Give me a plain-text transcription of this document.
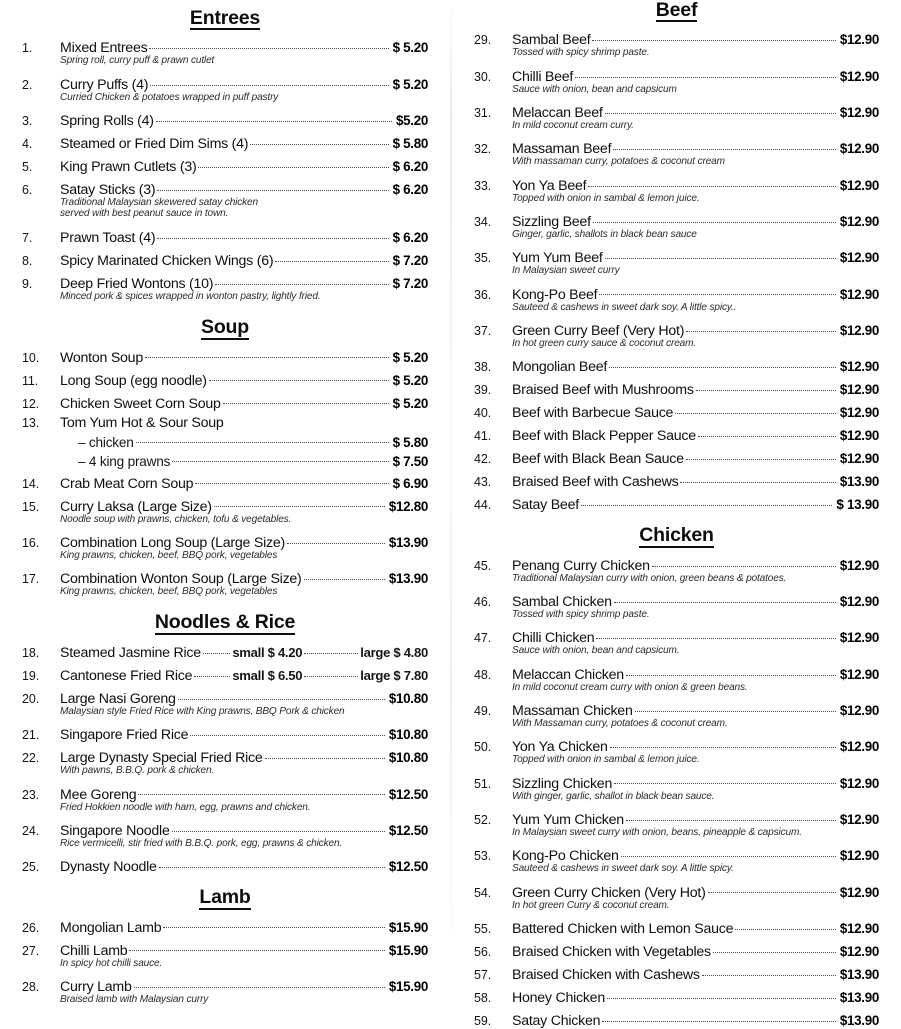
Entrees
1.	Mixed Entrees	$ 5.20
Spring roll, curry puff & prawn cutlet
2.	Curry Puffs (4)	$ 5.20
Curried Chicken & potatoes wrapped in puff pastry
3.	Spring Rolls (4)	$5.20
4.	Steamed or Fried Dim Sims (4)	$ 5.80
5.	King Prawn Cutlets (3)	$ 6.20
6.	Satay Sticks (3)	$ 6.20
Traditional Malaysian skewered satay chicken
served with best peanut sauce in town.
7.	Prawn Toast (4)	$ 6.20
8.	Spicy Marinated Chicken Wings (6)	$ 7.20
9.	Deep Fried Wontons (10)	$ 7.20
Minced pork & spices wrapped in wonton pastry, lightly fried.
Soup
10.	Wonton Soup	$ 5.20
11.	Long Soup (egg noodle)	$ 5.20
12.	Chicken Sweet Corn Soup	$ 5.20
13.	Tom Yum Hot & Sour Soup
– chicken	$ 5.80
– 4 king prawns	$ 7.50
14.	Crab Meat Corn Soup	$ 6.90
15.	Curry Laksa (Large Size)	$12.80
Noodle soup with prawns, chicken, tofu & vegetables.
16.	Combination Long Soup (Large Size)	$13.90
King prawns, chicken, beef, BBQ pork, vegetables
17.	Combination Wonton Soup (Large Size)	$13.90
King prawns, chicken, beef, BBQ pork, vegetables
Noodles & Rice
18.	Steamed Jasmine Rice small $ 4.20	large $ 4.80
19.	Cantonese Fried Rice	small $ 6.50	large $ 7.80
20.	Large Nasi Goreng	$10.80
Malaysian style Fried Rice with King prawns, BBQ Pork & chicken
21.	Singapore Fried Rice	$10.80
22.	Large Dynasty Special Fried Rice	$10.80
With pawns, B.B.Q. pork & chicken.
23.	Mee Goreng	$12.50
Fried Hokkien noodle with ham, egg, prawns and chicken.
24.	Singapore Noodle	$12.50
Rice vermicelli, stir fried with B.B.Q. pork, egg, prawns & chicken.
25.	Dynasty Noodle	$12.50
Lamb
26.	Mongolian Lamb	$15.90
27.	Chilli Lamb	$15.90
In spicy hot chilli sauce.
28.	Curry Lamb	$15.90
Braised lamb with Malaysian curry
Beef
29.	Sambal Beef	$12.90
Tossed with spicy shrimp paste.
30.	Chilli Beef	$12.90
Sauce with onion, bean and capsicum
31.	Melaccan Beef	$12.90
In mild coconut cream curry.
32.	Massaman Beef	$12.90
With massaman curry, potatoes & coconut cream
33.	Yon Ya Beef	$12.90
Topped with onion in sambal & lemon juice.
34.	Sizzling Beef	$12.90
Ginger, garlic, shallots in black bean sauce
35.	Yum Yum Beef	$12.90
In Malaysian sweet curry
36.	Kong-Po Beef	$12.90
Sauteed & cashews in sweet dark soy. A little spicy..
37.	Green Curry Beef (Very Hot)	$12.90
In hot green curry sauce & coconut cream.
38.	Mongolian Beef	$12.90
39.	Braised Beef with Mushrooms	$12.90
40.	Beef with Barbecue Sauce	$12.90
41.	Beef with Black Pepper Sauce	$12.90
42.	Beef with Black Bean Sauce	$12.90
43.	Braised Beef with Cashews	$13.90
44.	Satay Beef	$ 13.90
Chicken
45.	Penang Curry Chicken	$12.90
Traditional Malaysian curry with onion, green beans & potatoes.
46.	Sambal Chicken	$12.90
Tossed with spicy shrimp paste.
47.	Chilli Chicken	$12.90
Sauce with onion, bean and capsicum.
48.	Melaccan Chicken	$12.90
In mild coconut cream curry with onion & green beans.
49.	Massaman Chicken	$12.90
With Massaman curry, potatoes & coconut cream.
50.	Yon Ya Chicken	$12.90
Topped with onion in sambal & lemon juice.
51.	Sizzling Chicken	$12.90
With ginger, garlic, shallot in black bean sauce.
52.	Yum Yum Chicken	$12.90
In Malaysian sweet curry with onion, beans, pineapple & capsicum.
53.	Kong-Po Chicken	$12.90
Sauteed & cashews in sweet dark soy. A little spicy.
54.	Green Curry Chicken (Very Hot)	$12.90
In hot green Curry & coconut cream.
55.	Battered Chicken with Lemon Sauce	$12.90
56.	Braised Chicken with Vegetables	$12.90
57.	Braised Chicken with Cashews	$13.90
58.	Honey Chicken	$13.90
59.	Satay Chicken	$13.90
